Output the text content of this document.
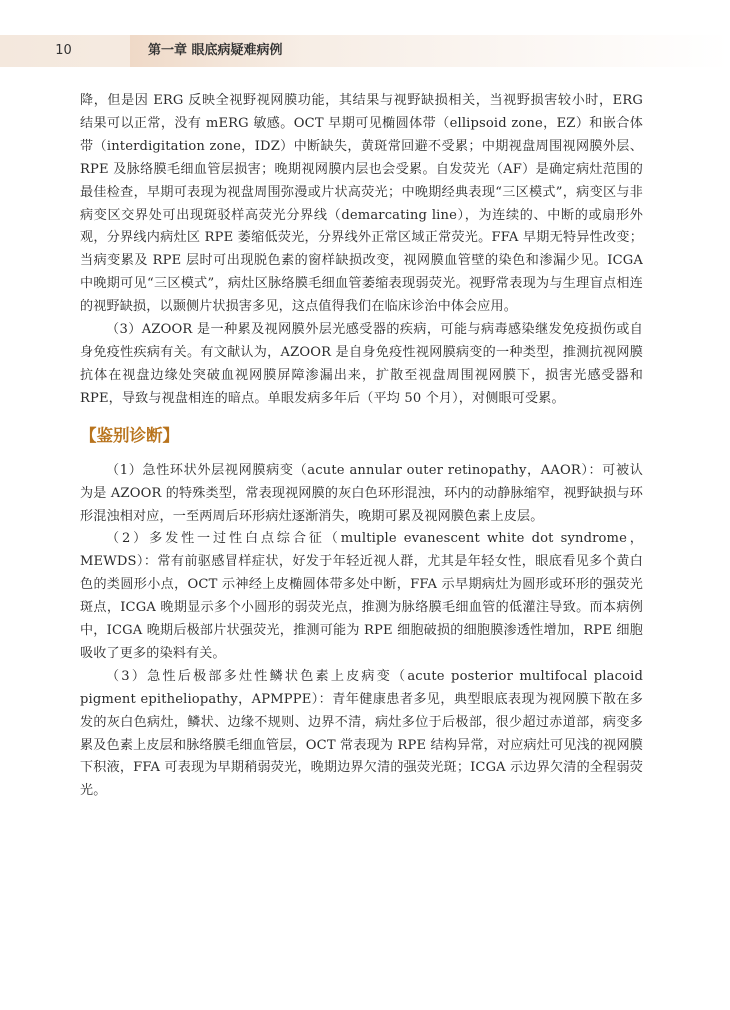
10	第一章 眼底病疑难病例

降，但是因 ERG 反映全视野视网膜功能，其结果与视野缺损相关，当视野损害较小时，ERG 结果可以正常，没有 mERG 敏感。OCT 早期可见椭圆体带（ellipsoid zone，EZ）和嵌合体带（interdigitation zone，IDZ）中断缺失，黄斑常回避不受累；中期视盘周围视网膜外层、RPE 及脉络膜毛细血管层损害；晚期视网膜内层也会受累。自发荧光（AF）是确定病灶范围的最佳检查，早期可表现为视盘周围弥漫或片状高荧光；中晚期经典表现“三区模式”，病变区与非病变区交界处可出现斑驳样高荧光分界线（demarcating line），为连续的、中断的或扇形外观，分界线内病灶区 RPE 萎缩低荧光，分界线外正常区域正常荧光。FFA 早期无特异性改变；当病变累及 RPE 层时可出现脱色素的窗样缺损改变，视网膜血管壁的染色和渗漏少见。ICGA 中晚期可见“三区模式”，病灶区脉络膜毛细血管萎缩表现弱荧光。视野常表现为与生理盲点相连的视野缺损，以颞侧片状损害多见，这点值得我们在临床诊治中体会应用。

（3）AZOOR 是一种累及视网膜外层光感受器的疾病，可能与病毒感染继发免疫损伤或自身免疫性疾病有关。有文献认为，AZOOR 是自身免疫性视网膜病变的一种类型，推测抗视网膜抗体在视盘边缘处突破血视网膜屏障渗漏出来，扩散至视盘周围视网膜下，损害光感受器和 RPE，导致与视盘相连的暗点。单眼发病多年后（平均 50 个月），对侧眼可受累。

【鉴别诊断】

（1）急性环状外层视网膜病变（acute annular outer retinopathy，AAOR）：可被认为是 AZOOR 的特殊类型，常表现视网膜的灰白色环形混浊，环内的动静脉缩窄，视野缺损与环形混浊相对应，一至两周后环形病灶逐渐消失，晚期可累及视网膜色素上皮层。

（2）多发性一过性白点综合征（multiple evanescent white dot syndrome，MEWDS）：常有前驱感冒样症状，好发于年轻近视人群，尤其是年轻女性，眼底看见多个黄白色的类圆形小点，OCT 示神经上皮椭圆体带多处中断，FFA 示早期病灶为圆形或环形的强荧光斑点，ICGA 晚期显示多个小圆形的弱荧光点，推测为脉络膜毛细血管的低灌注导致。而本病例中，ICGA 晚期后极部片状强荧光，推测可能为 RPE 细胞破损的细胞膜渗透性增加，RPE 细胞吸收了更多的染料有关。

（3）急性后极部多灶性鳞状色素上皮病变（acute posterior multifocal placoid pigment epitheliopathy，APMPPE）：青年健康患者多见，典型眼底表现为视网膜下散在多发的灰白色病灶，鳞状、边缘不规则、边界不清，病灶多位于后极部，很少超过赤道部，病变多累及色素上皮层和脉络膜毛细血管层，OCT 常表现为 RPE 结构异常，对应病灶可见浅的视网膜下积液，FFA 可表现为早期稍弱荧光，晚期边界欠清的强荧光斑；ICGA 示边界欠清的全程弱荧光。
